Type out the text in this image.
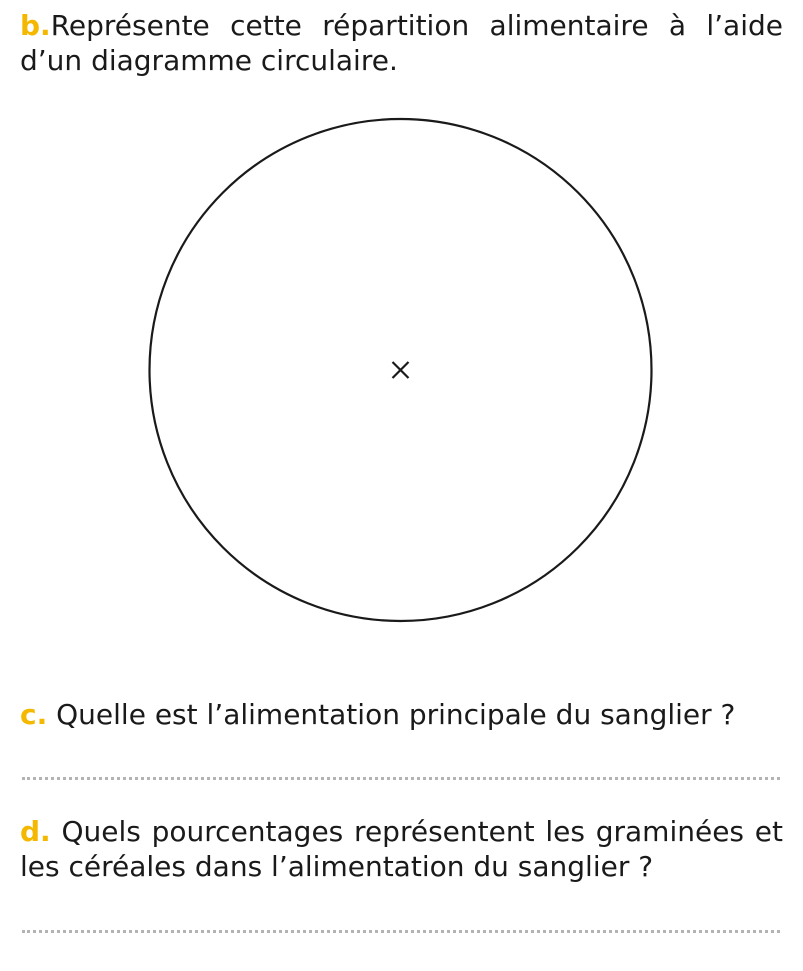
b.Représente cette répartition alimentaire à l’aide d’un diagramme circulaire.
c. Quelle est l’alimentation principale du sanglier ?
d. Quels pourcentages représentent les graminées et les céréales dans l’alimentation du sanglier ?
